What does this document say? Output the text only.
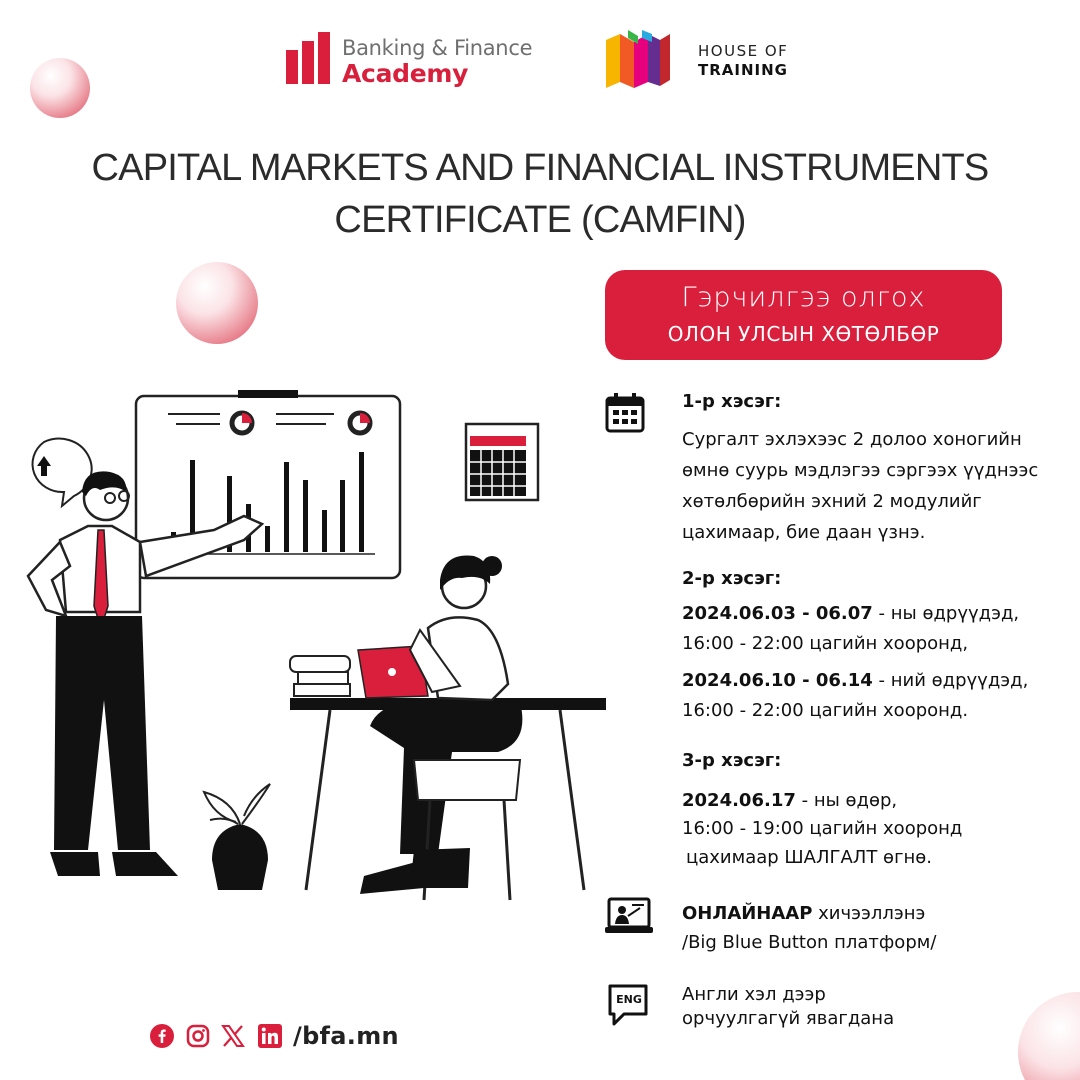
Banking & Finance
Academy
HOUSE OF
TRAINING
CAPITAL MARKETS AND FINANCIAL INSTRUMENTS
CERTIFICATE (CAMFIN)
Гэрчилгээ олгох
ОЛОН УЛСЫН ХӨТӨЛБӨР
1-р хэсэг:
Сургалт эхлэхээс 2 долоо хоногийн
өмнө суурь мэдлэгээ сэргээх үүднээс
хөтөлбөрийн эхний 2 модулийг
цахимаар, бие даан үзнэ.
2-р хэсэг:
2024.06.03 - 06.07 - ны өдрүүдэд,
16:00 - 22:00 цагийн хооронд,
2024.06.10 - 06.14 - ний өдрүүдэд,
16:00 - 22:00 цагийн хооронд.
3-р хэсэг:
2024.06.17 - ны өдөр,
16:00 - 19:00 цагийн хооронд
цахимаар ШАЛГАЛТ өгнө.
ОНЛАЙНААР хичээллэнэ
/Big Blue Button платформ/
ENG	Англи хэл дээр
орчуулгагүй явагдана
/bfa.mn
